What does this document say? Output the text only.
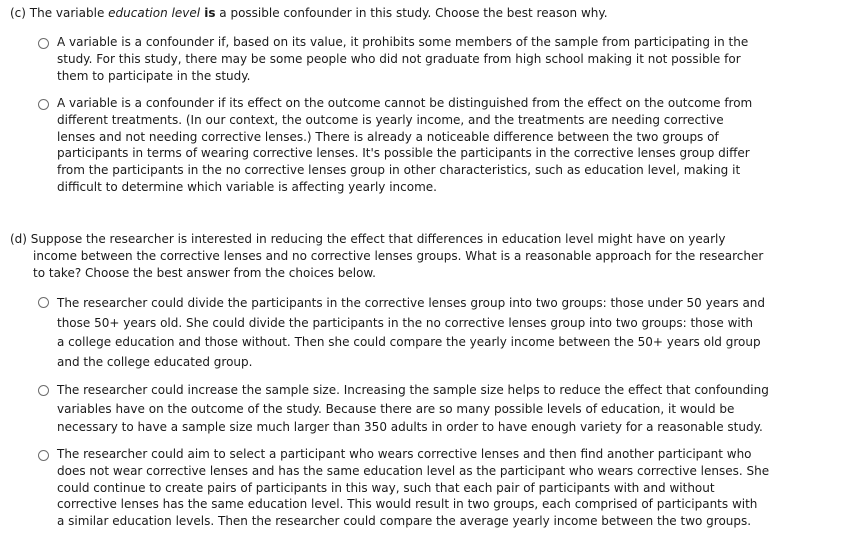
(c) The variable education level is a possible confounder in this study. Choose the best reason why.
A variable is a confounder if, based on its value, it prohibits some members of the sample from participating in the
study. For this study, there may be some people who did not graduate from high school making it not possible for
them to participate in the study.
A variable is a confounder if its effect on the outcome cannot be distinguished from the effect on the outcome from
different treatments. (In our context, the outcome is yearly income, and the treatments are needing corrective
lenses and not needing corrective lenses.) There is already a noticeable difference between the two groups of
participants in terms of wearing corrective lenses. It's possible the participants in the corrective lenses group differ
from the participants in the no corrective lenses group in other characteristics, such as education level, making it
difficult to determine which variable is affecting yearly income.
(d) Suppose the researcher is interested in reducing the effect that differences in education level might have on yearly
income between the corrective lenses and no corrective lenses groups. What is a reasonable approach for the researcher
to take? Choose the best answer from the choices below.
The researcher could divide the participants in the corrective lenses group into two groups: those under 50 years and
those 50+ years old. She could divide the participants in the no corrective lenses group into two groups: those with
a college education and those without. Then she could compare the yearly income between the 50+ years old group
and the college educated group.
The researcher could increase the sample size. Increasing the sample size helps to reduce the effect that confounding
variables have on the outcome of the study. Because there are so many possible levels of education, it would be
necessary to have a sample size much larger than 350 adults in order to have enough variety for a reasonable study.
The researcher could aim to select a participant who wears corrective lenses and then find another participant who
does not wear corrective lenses and has the same education level as the participant who wears corrective lenses. She
could continue to create pairs of participants in this way, such that each pair of participants with and without
corrective lenses has the same education level. This would result in two groups, each comprised of participants with
a similar education levels. Then the researcher could compare the average yearly income between the two groups.
